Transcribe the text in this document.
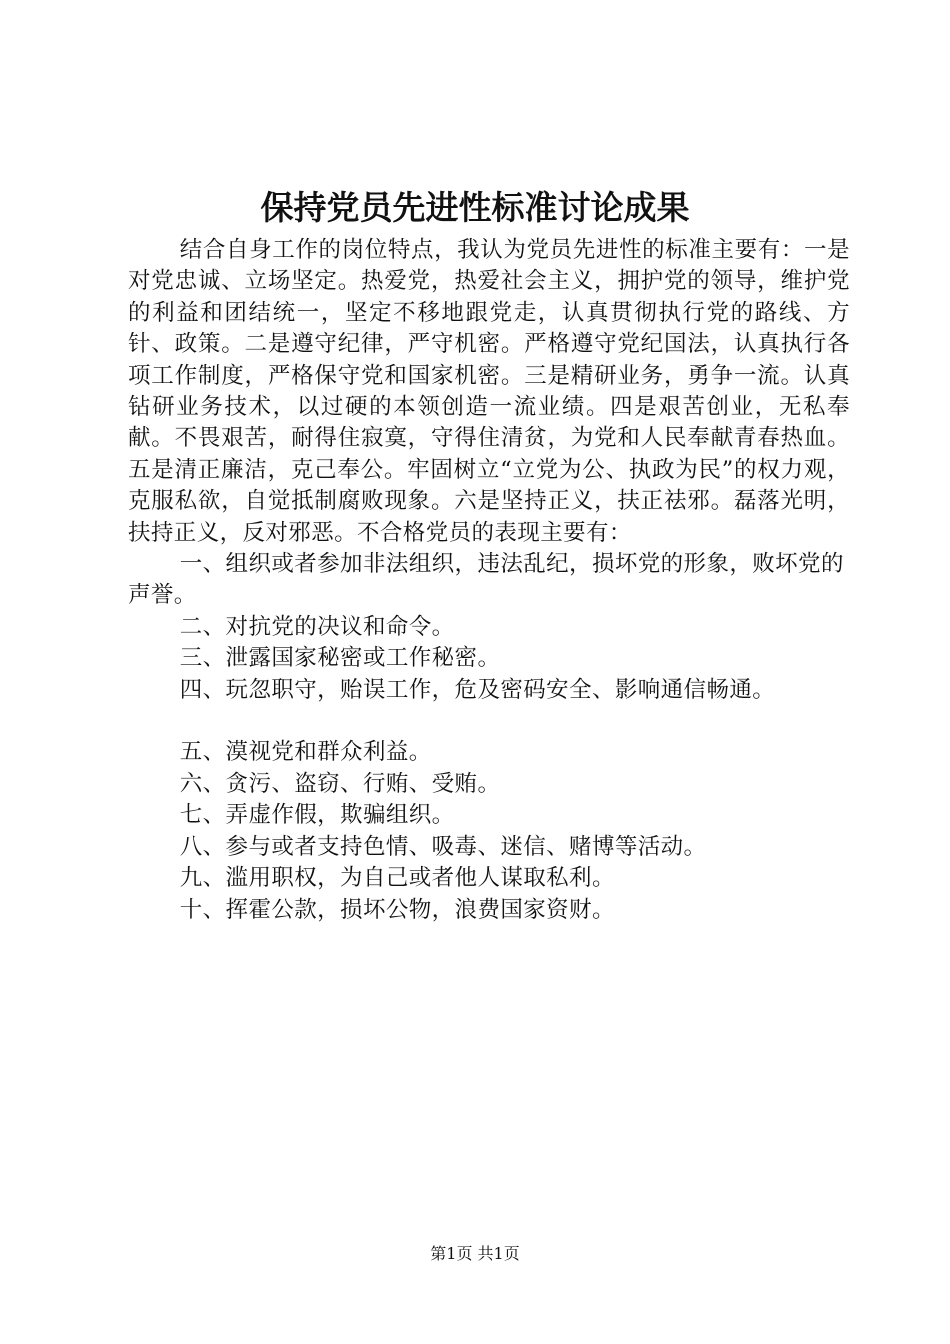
保持党员先进性标准讨论成果

结合自身工作的岗位特点，我认为党员先进性的标准主要有：一是对党忠诚、立场坚定。热爱党，热爱社会主义，拥护党的领导，维护党的利益和团结统一，坚定不移地跟党走，认真贯彻执行党的路线、方针、政策。二是遵守纪律，严守机密。严格遵守党纪国法，认真执行各项工作制度，严格保守党和国家机密。三是精研业务，勇争一流。认真钻研业务技术，以过硬的本领创造一流业绩。四是艰苦创业，无私奉献。不畏艰苦，耐得住寂寞，守得住清贫，为党和人民奉献青春热血。五是清正廉洁，克己奉公。牢固树立“立党为公、执政为民”的权力观，克服私欲，自觉抵制腐败现象。六是坚持正义，扶正祛邪。磊落光明，扶持正义，反对邪恶。不合格党员的表现主要有：

一、组织或者参加非法组织，违法乱纪，损坏党的形象，败坏党的声誉。
二、对抗党的决议和命令。
三、泄露国家秘密或工作秘密。
四、玩忽职守，贻误工作，危及密码安全、影响通信畅通。
五、漠视党和群众利益。
六、贪污、盗窃、行贿、受贿。
七、弄虚作假，欺骗组织。
八、参与或者支持色情、吸毒、迷信、赌博等活动。
九、滥用职权，为自己或者他人谋取私利。
十、挥霍公款，损坏公物，浪费国家资财。
第1页 共1页
